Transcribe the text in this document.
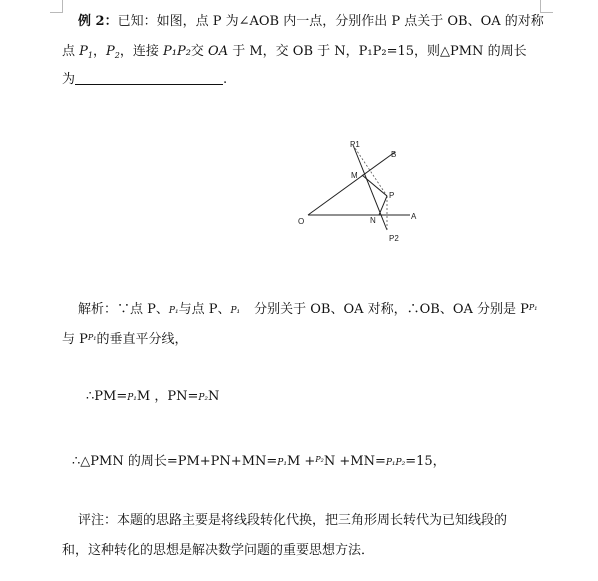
例 2：已知：如图，点 P 为∠AOB 内一点，分别作出 P 点关于 OB、OA 的对称
点 $P_1$，$P_2$，连接 P₁P₂交 OA 于 M，交 OB 于 N，P₁P₂=15，则△PMN 的周长
为	.
P1
B
M
P
O	N	A
P2
解析：∵点 P、P₁与点 P、P₁ 分别关于 OB、OA 对称，∴OB、OA 分别是 $P^{P_1}$
与 $P^{P_1}$的垂直平分线，
∴PM=P₁M ，PN=P₂N
∴△PMN 的周长=PM+PN+MN=P₁M +$^{P_2}$N +MN=P₁P₂=15，
评注：本题的思路主要是将线段转化代换，把三角形周长转代为已知线段的
和，这种转化的思想是解决数学问题的重要思想方法．
